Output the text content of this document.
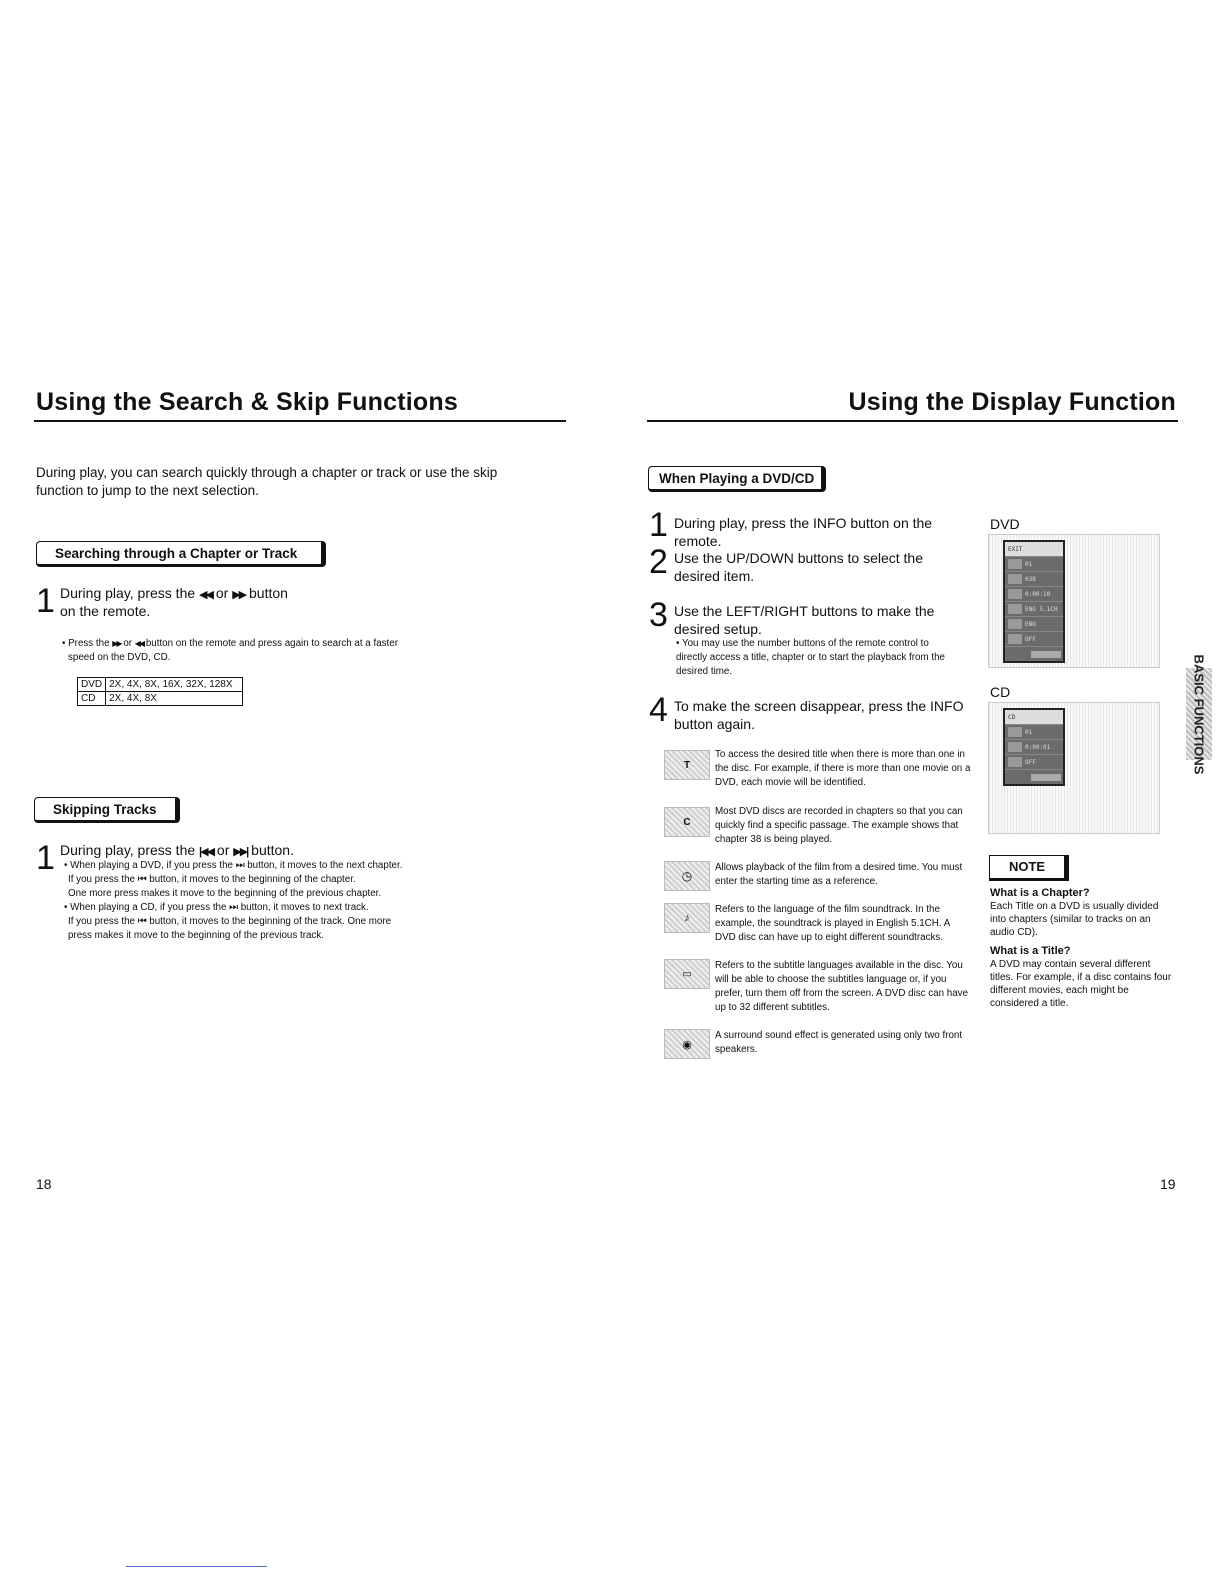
Using the Search & Skip Functions
During play, you can search quickly through a chapter or track or use the skip function to jump to the next selection.
Searching through a Chapter or Track
1 During play, press the ◀◀ or ▶▶ button
on the remote.
• Press the ▶▶ or ◀◀ button on the remote and press again to search at a faster
speed on the DVD, CD.
DVD	2X, 4X, 8X, 16X, 32X, 128X
CD	2X, 4X, 8X
Skipping Tracks
1 During play, press the |◀◀ or ▶▶| button.
• When playing a DVD, if you press the ⏭ button, it moves to the next chapter.
If you press the ⏮ button, it moves to the beginning of the chapter.
One more press makes it move to the beginning of the previous chapter.
• When playing a CD, if you press the ⏭ button, it moves to next track.
If you press the ⏮ button, it moves to the beginning of the track. One more
press makes it move to the beginning of the previous track.
18
Using the Display Function
When Playing a DVD/CD
1 During play, press the INFO button on the remote.
2 Use the UP/DOWN buttons to select the desired item.
3 Use the LEFT/RIGHT buttons to make the desired setup.
• You may use the number buttons of the remote control to directly access a title, chapter or to start the playback from the desired time.
4 To make the screen disappear, press the INFO button again.
T
To access the desired title when there is more than one in the disc. For example, if there is more than one movie on a DVD, each movie will be identified.
C
Most DVD discs are recorded in chapters so that you can quickly find a specific passage. The example shows that chapter 38 is being played.
◷
Allows playback of the film from a desired time. You must enter the starting time as a reference.
♪
Refers to the language of the film soundtrack. In the example, the soundtrack is played in English 5.1CH. A DVD disc can have up to eight different soundtracks.
▭
Refers to the subtitle languages available in the disc. You will be able to choose the subtitles language or, if you prefer, turn them off from the screen. A DVD disc can have up to 32 different subtitles.
◉
A surround sound effect is generated using only two front speakers.
DVD
EXIT
01
038
0:00:10
ENG 5.1CH
ENG
OFF
CD
CD
01
0:00:01
OFF
NOTE
What is a Chapter?
Each Title on a DVD is usually divided into chapters (similar to tracks on an audio CD).
What is a Title?
A DVD may contain several different titles. For example, if a disc contains four different movies, each might be considered a title.
BASIC FUNCTIONS
19
